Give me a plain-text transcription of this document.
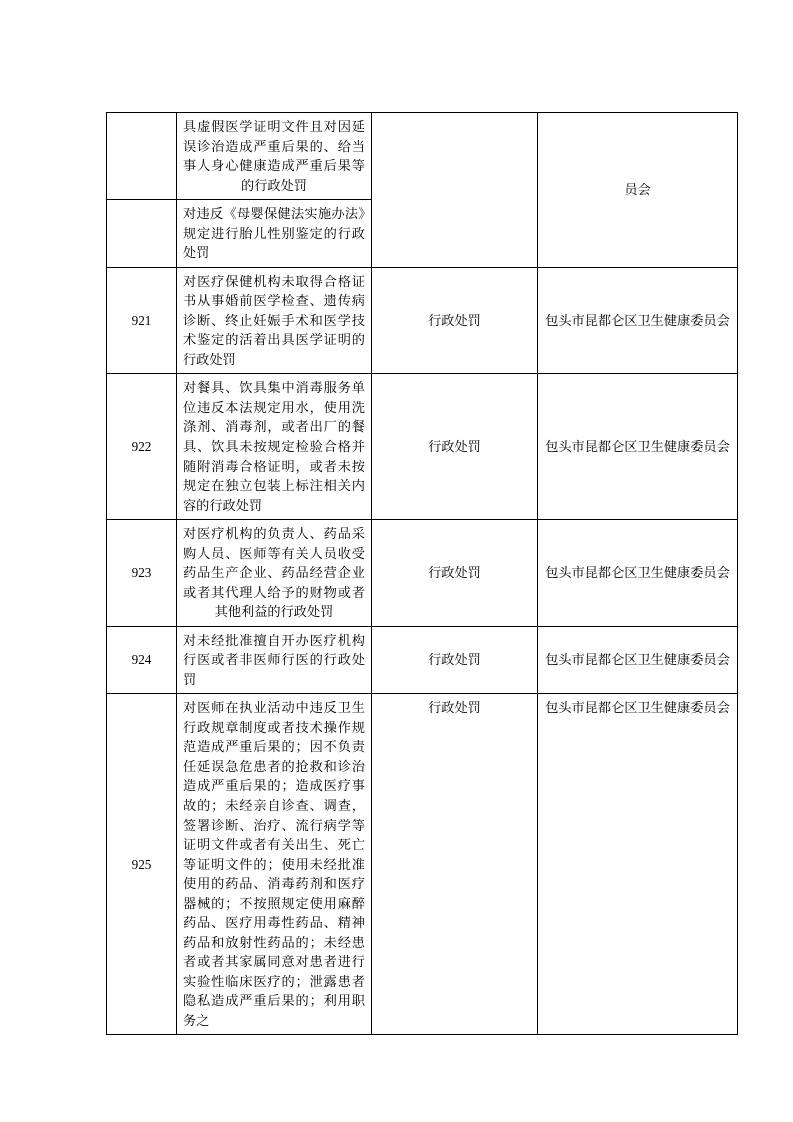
	具虚假医学证明文件且对因延误诊治造成严重后果的、给当事人身心健康造成严重后果等的行政处罚		员会
	对违反《母婴保健法实施办法》规定进行胎儿性别鉴定的行政处罚		
921	对医疗保健机构未取得合格证书从事婚前医学检查、遗传病诊断、终止妊娠手术和医学技术鉴定的活着出具医学证明的行政处罚	行政处罚	包头市昆都仑区卫生健康委员会
922	对餐具、饮具集中消毒服务单位违反本法规定用水，使用洗涤剂、消毒剂，或者出厂的餐具、饮具未按规定检验合格并随附消毒合格证明，或者未按规定在独立包装上标注相关内容的行政处罚	行政处罚	包头市昆都仑区卫生健康委员会
923	对医疗机构的负责人、药品采购人员、医师等有关人员收受药品生产企业、药品经营企业或者其代理人给予的财物或者其他利益的行政处罚	行政处罚	包头市昆都仑区卫生健康委员会
924	对未经批准擅自开办医疗机构行医或者非医师行医的行政处罚	行政处罚	包头市昆都仑区卫生健康委员会
925	对医师在执业活动中违反卫生行政规章制度或者技术操作规范造成严重后果的；因不负责任延误急危患者的抢救和诊治造成严重后果的；造成医疗事故的；未经亲自诊查、调查，签署诊断、治疗、流行病学等证明文件或者有关出生、死亡等证明文件的；使用未经批准使用的药品、消毒药剂和医疗器械的；不按照规定使用麻醉药品、医疗用毒性药品、精神药品和放射性药品的；未经患者或者其家属同意对患者进行实验性临床医疗的；泄露患者隐私造成严重后果的；利用职务之	行政处罚	包头市昆都仑区卫生健康委员会
